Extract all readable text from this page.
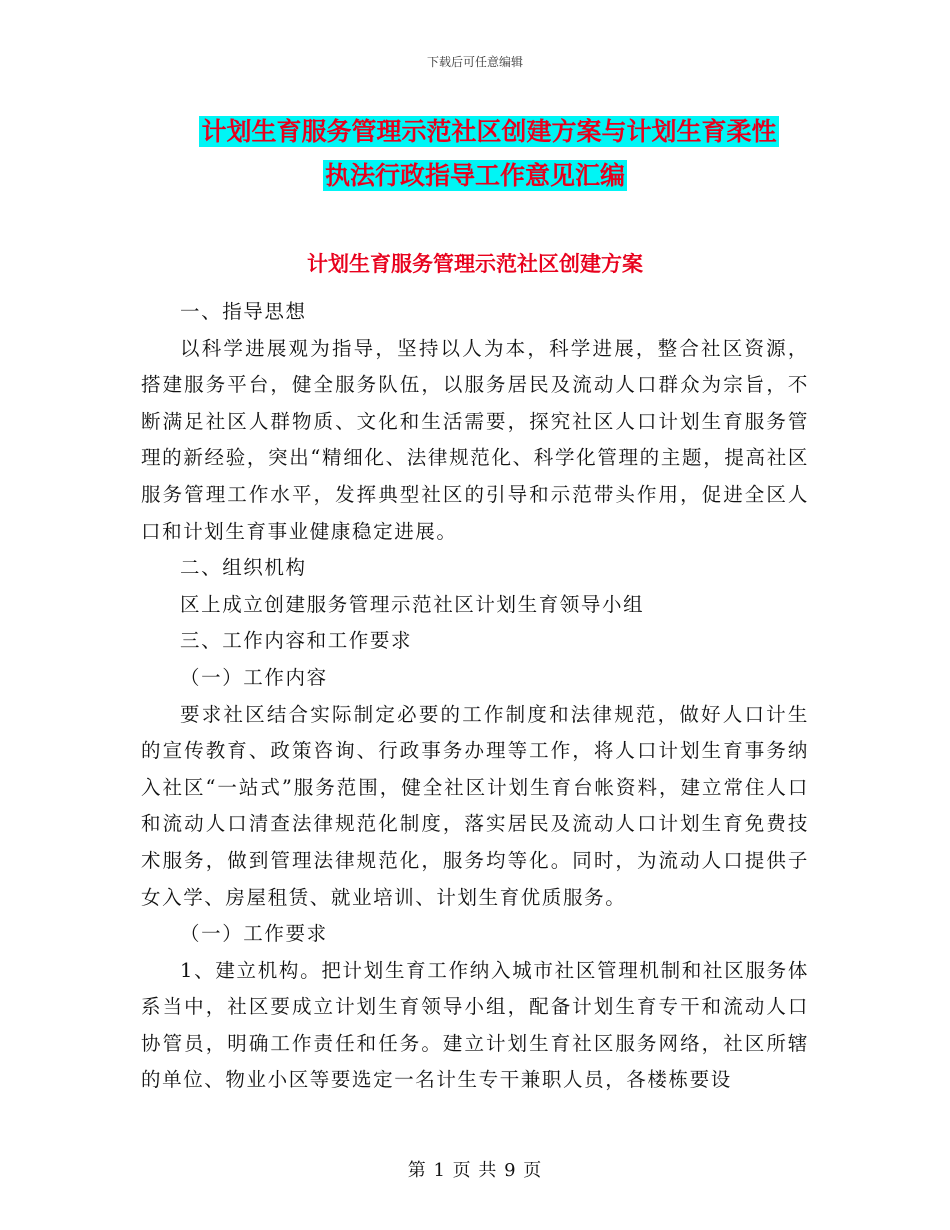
下载后可任意编辑
计划生育服务管理示范社区创建方案与计划生育柔性
执法行政指导工作意见汇编
计划生育服务管理示范社区创建方案

一、指导思想

以科学进展观为指导，坚持以人为本，科学进展，整合社区资源，搭建服务平台，健全服务队伍，以服务居民及流动人口群众为宗旨，不断满足社区人群物质、文化和生活需要，探究社区人口计划生育服务管理的新经验，突出“精细化、法律规范化、科学化管理的主题，提高社区服务管理工作水平，发挥典型社区的引导和示范带头作用，促进全区人口和计划生育事业健康稳定进展。

二、组织机构

区上成立创建服务管理示范社区计划生育领导小组

三、工作内容和工作要求

（一）工作内容

要求社区结合实际制定必要的工作制度和法律规范，做好人口计生的宣传教育、政策咨询、行政事务办理等工作，将人口计划生育事务纳入社区“一站式”服务范围，健全社区计划生育台帐资料，建立常住人口和流动人口清查法律规范化制度，落实居民及流动人口计划生育免费技术服务，做到管理法律规范化，服务均等化。同时，为流动人口提供子女入学、房屋租赁、就业培训、计划生育优质服务。

（一）工作要求

1、建立机构。把计划生育工作纳入城市社区管理机制和社区服务体系当中，社区要成立计划生育领导小组，配备计划生育专干和流动人口协管员，明确工作责任和任务。建立计划生育社区服务网络，社区所辖的单位、物业小区等要选定一名计生专干兼职人员，各楼栋要设

第 1 页 共 9 页
